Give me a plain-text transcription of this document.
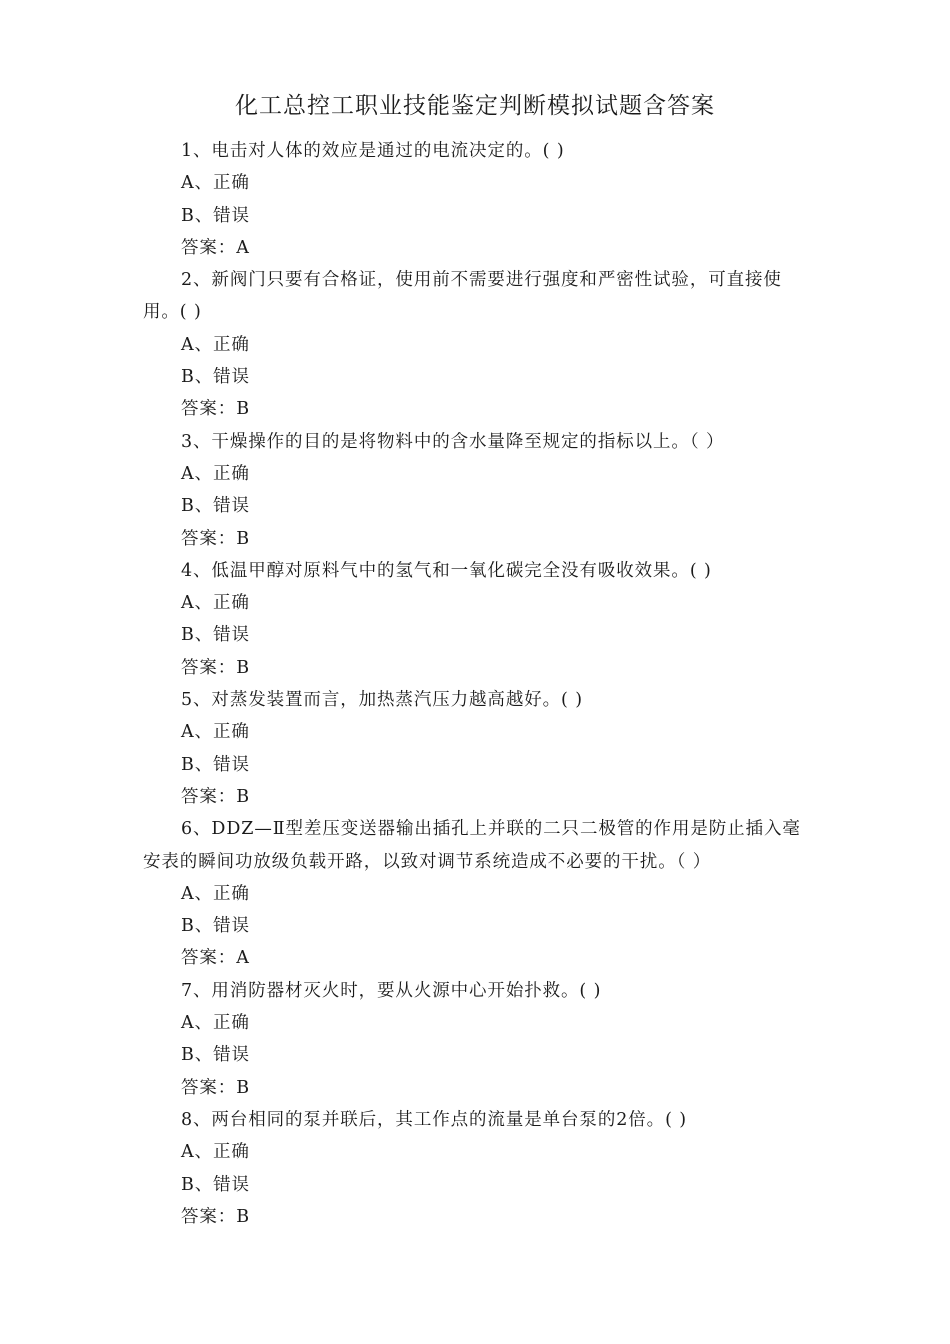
化工总控工职业技能鉴定判断模拟试题含答案

1、电击对人体的效应是通过的电流决定的。( )

A、正确

B、错误

答案：A

2、新阀门只要有合格证，使用前不需要进行强度和严密性试验，可直接使用。( )

A、正确

B、错误

答案：B

3、干燥操作的目的是将物料中的含水量降至规定的指标以上。（ ）

A、正确

B、错误

答案：B

4、低温甲醇对原料气中的氢气和一氧化碳完全没有吸收效果。( )

A、正确

B、错误

答案：B

5、对蒸发装置而言，加热蒸汽压力越高越好。( )

A、正确

B、错误

答案：B

6、DDZ—Ⅱ型差压变送器输出插孔上并联的二只二极管的作用是防止插入毫安表的瞬间功放级负载开路，以致对调节系统造成不必要的干扰。（ ）

A、正确

B、错误

答案：A

7、用消防器材灭火时，要从火源中心开始扑救。( )

A、正确

B、错误

答案：B

8、两台相同的泵并联后，其工作点的流量是单台泵的2倍。( )

A、正确

B、错误

答案：B
